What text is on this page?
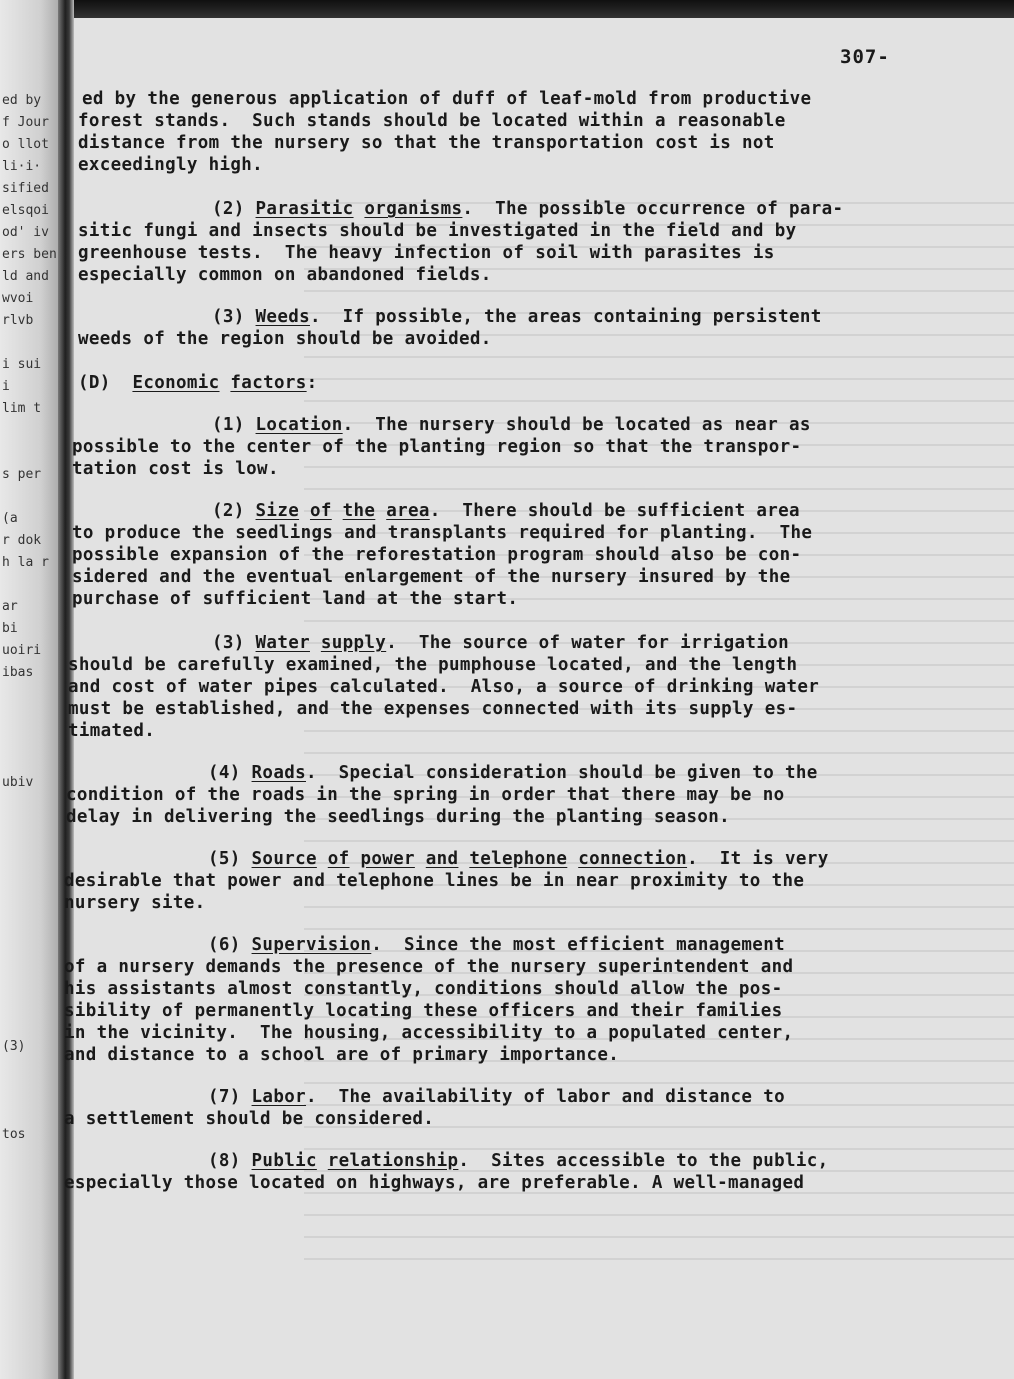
ed by
f Jour
o llot
li·i·
sified
elsqoi
od' iv
ers ben
ld and
wvoi
rlvb

i sui
i
lim t

s per

(a
r dok
h la r

ar
bi
uoiri
ibas

ubiv

(3)

tos
307-
ed by the generous application of duff of leaf-mold from productive
forest stands.  Such stands should be located within a reasonable
distance from the nursery so that the transportation cost is not
exceedingly high.
(2) Parasitic organisms.  The possible occurrence of para-
sitic fungi and insects should be investigated in the field and by
greenhouse tests.  The heavy infection of soil with parasites is
especially common on abandoned fields.
(3) Weeds.  If possible, the areas containing persistent
weeds of the region should be avoided.
(D)  Economic factors:
(1) Location.  The nursery should be located as near as
possible to the center of the planting region so that the transpor-
tation cost is low.
(2) Size of the area.  There should be sufficient area
to produce the seedlings and transplants required for planting.  The
possible expansion of the reforestation program should also be con-
sidered and the eventual enlargement of the nursery insured by the
purchase of sufficient land at the start.
(3) Water supply.  The source of water for irrigation
should be carefully examined, the pumphouse located, and the length
and cost of water pipes calculated.  Also, a source of drinking water
must be established, and the expenses connected with its supply es-
timated.
(4) Roads.  Special consideration should be given to the
condition of the roads in the spring in order that there may be no
delay in delivering the seedlings during the planting season.
(5) Source of power and telephone connection.  It is very
desirable that power and telephone lines be in near proximity to the
nursery site.
(6) Supervision.  Since the most efficient management
of a nursery demands the presence of the nursery superintendent and
his assistants almost constantly, conditions should allow the pos-
sibility of permanently locating these officers and their families
in the vicinity.  The housing, accessibility to a populated center,
and distance to a school are of primary importance.
(7) Labor.  The availability of labor and distance to
a settlement should be considered.
(8) Public relationship.  Sites accessible to the public,
especially those located on highways, are preferable. A well-managed
